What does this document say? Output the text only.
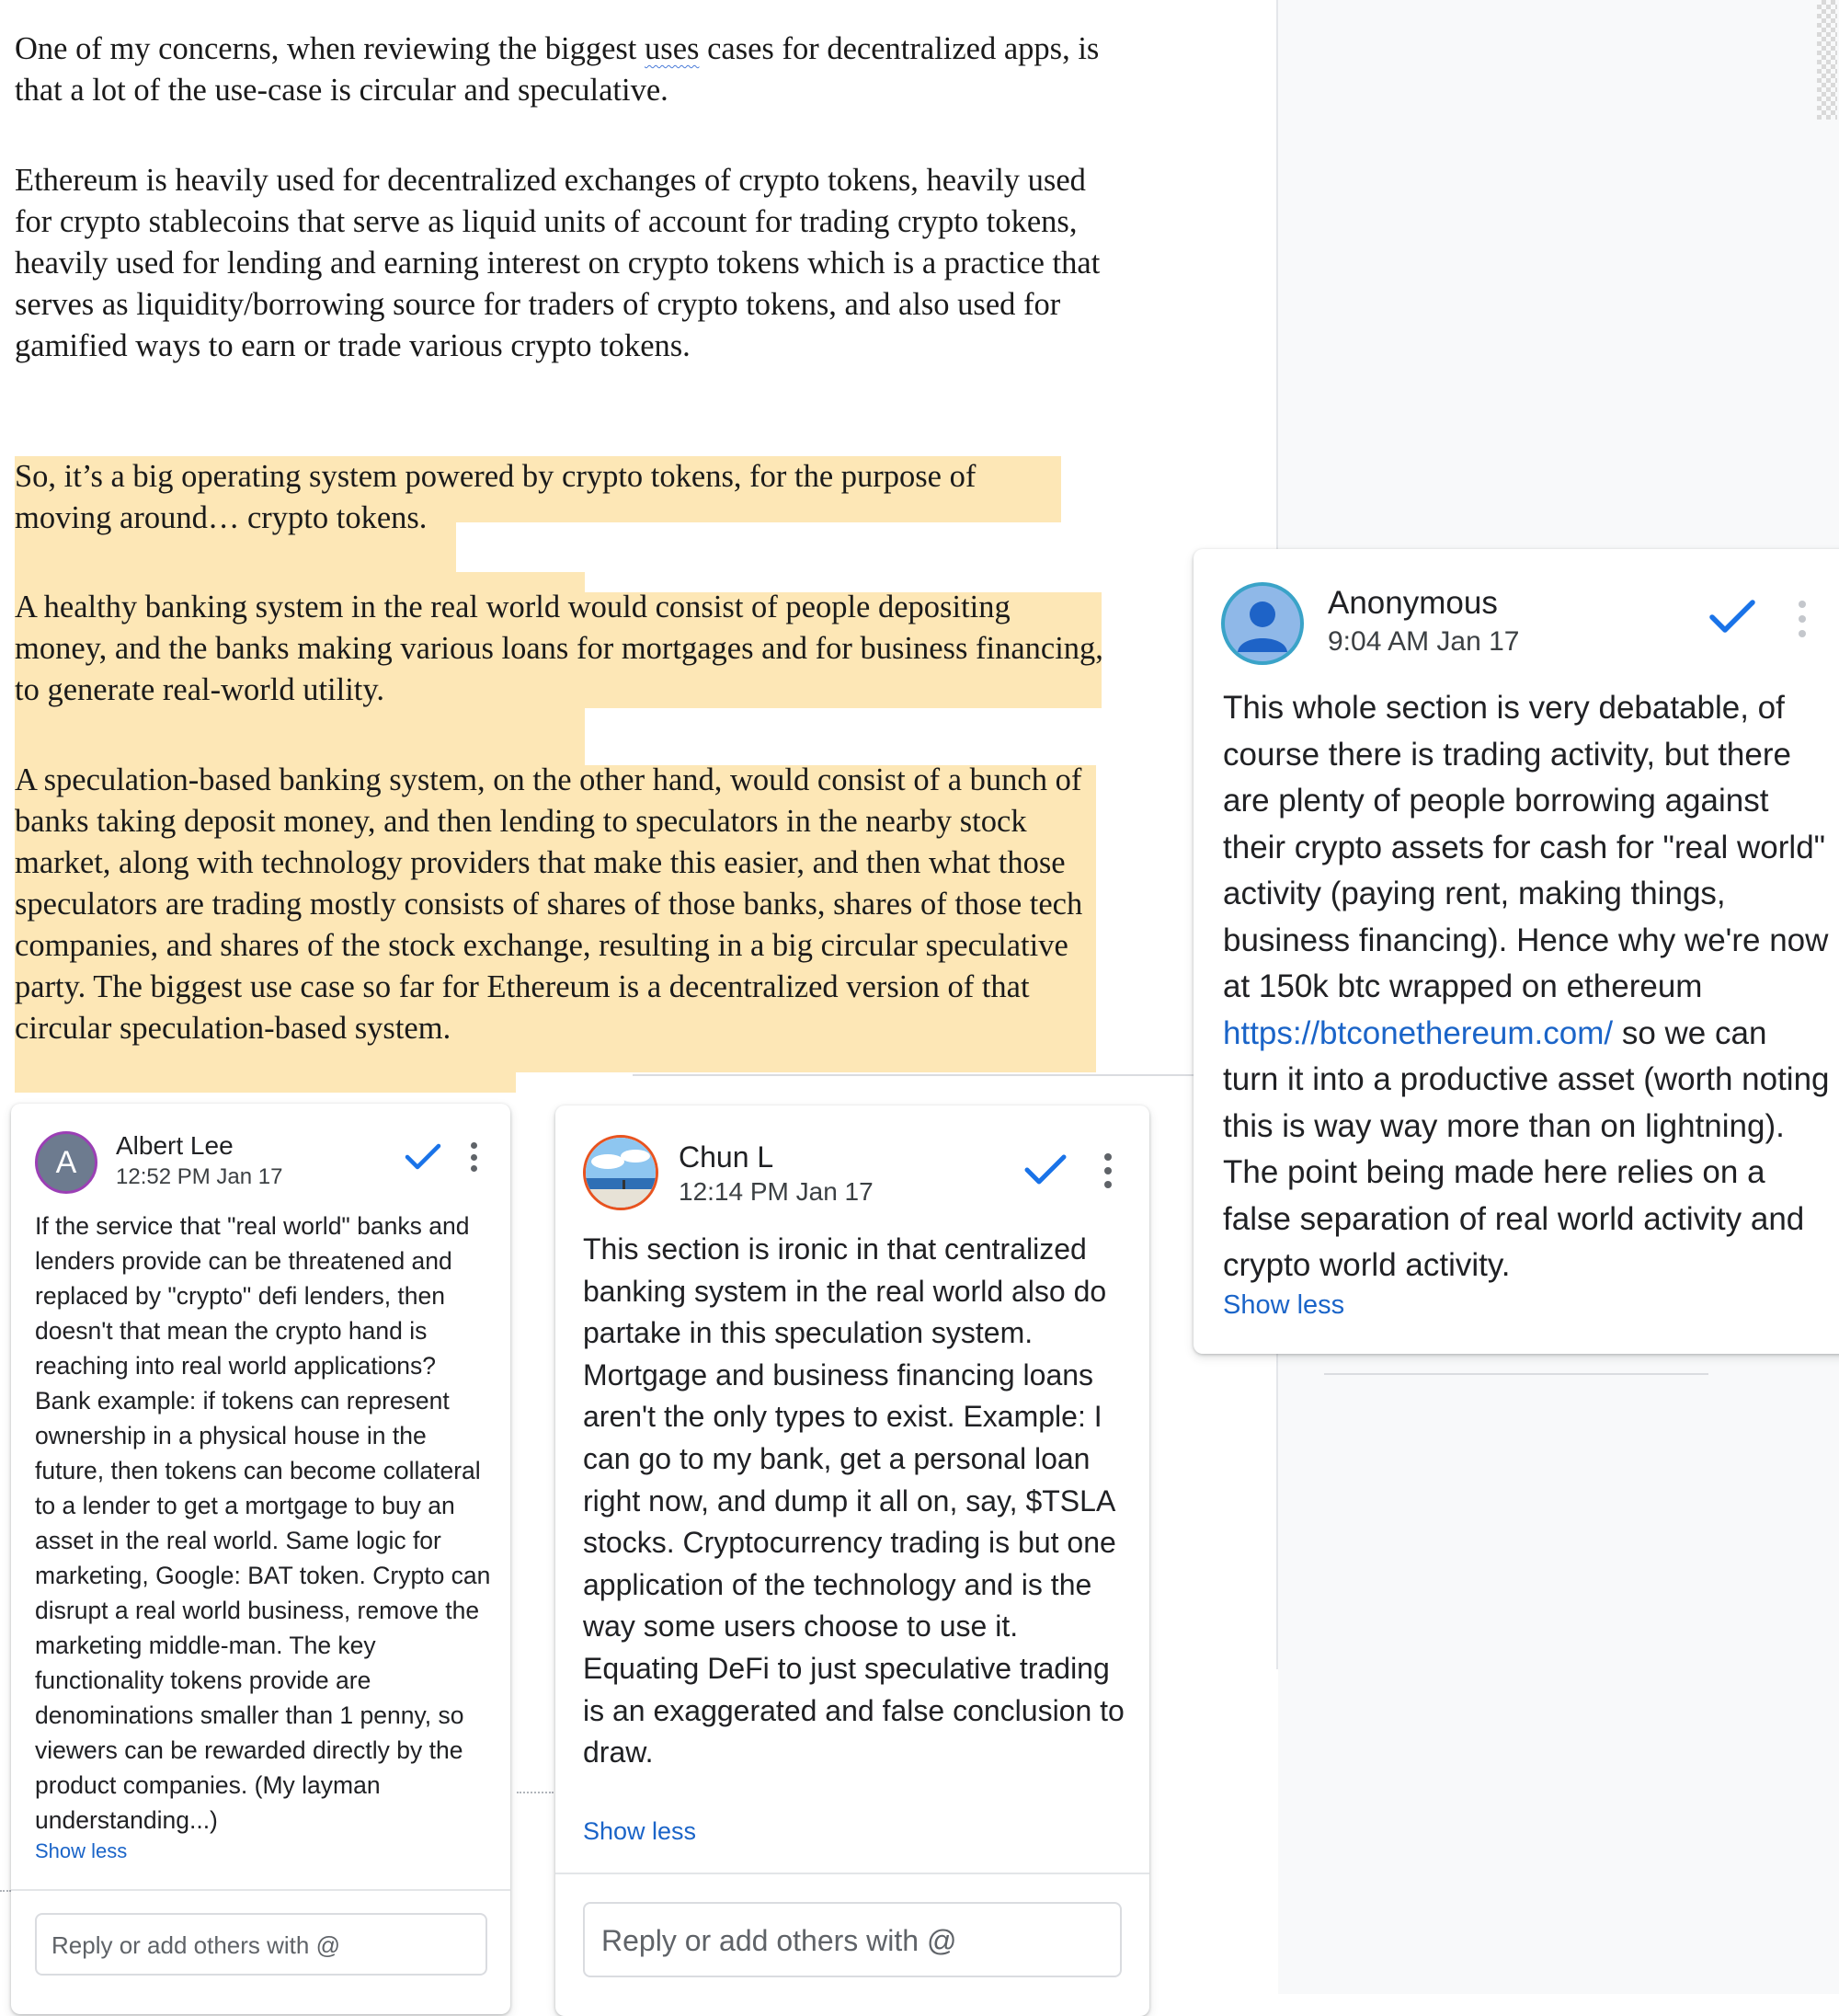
One of my concerns, when reviewing the biggest uses cases for decentralized apps, is that a lot of the use-case is circular and speculative.

Ethereum is heavily used for decentralized exchanges of crypto tokens, heavily used for crypto stablecoins that serve as liquid units of account for trading crypto tokens, heavily used for lending and earning interest on crypto tokens which is a practice that serves as liquidity/borrowing source for traders of crypto tokens, and also used for gamified ways to earn or trade various crypto tokens.

So, it’s a big operating system powered by crypto tokens, for the purpose of moving around… crypto tokens.

A healthy banking system in the real world would consist of people depositing money, and the banks making various loans for mortgages and for business financing, to generate real-world utility.

A speculation-based banking system, on the other hand, would consist of a bunch of banks taking deposit money, and then lending to speculators in the nearby stock market, along with technology providers that make this easier, and then what those speculators are trading mostly consists of shares of those banks, shares of those tech companies, and shares of the stock exchange, resulting in a big circular speculative party. The biggest use case so far for Ethereum is a decentralized version of that circular speculation-based system.

Anonymous
9:04 AM Jan 17
This whole section is very debatable, of course there is trading activity, but there are plenty of people borrowing against their crypto assets for cash for "real world" activity (paying rent, making things, business financing). Hence why we're now at 150k btc wrapped on ethereum https://btconethereum.com/ so we can turn it into a productive asset (worth noting this is way way more than on lightning). The point being made here relies on a false separation of real world activity and crypto world activity.
Show less
A Albert Lee
12:52 PM Jan 17
If the service that "real world" banks and lenders provide can be threatened and replaced by "crypto" defi lenders, then doesn't that mean the crypto hand is reaching into real world applications? Bank example: if tokens can represent ownership in a physical house in the future, then tokens can become collateral to a lender to get a mortgage to buy an asset in the real world. Same logic for marketing, Google: BAT token. Crypto can disrupt a real world business, remove the marketing middle-man. The key functionality tokens provide are denominations smaller than 1 penny, so viewers can be rewarded directly by the product companies. (My layman understanding...)
Show less
Reply or add others with @
Chun L
12:14 PM Jan 17
This section is ironic in that centralized banking system in the real world also do partake in this speculation system. Mortgage and business financing loans aren't the only types to exist. Example: I can go to my bank, get a personal loan right now, and dump it all on, say, $TSLA stocks. Cryptocurrency trading is but one application of the technology and is the way some users choose to use it. Equating DeFi to just speculative trading is an exaggerated and false conclusion to draw.
Show less
Reply or add others with @
